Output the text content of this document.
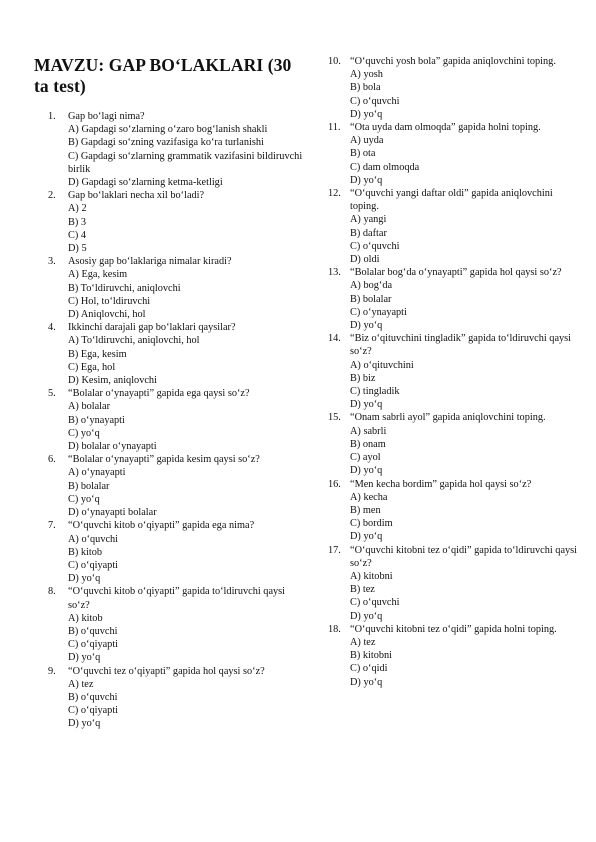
MAVZU: GAP BO‘LAKLARI (30 ta test)
1. Gap bo‘lagi nima?
A) Gapdagi so‘zlarning o‘zaro bog‘lanish shakli
B) Gapdagi so‘zning vazifasiga ko‘ra turlanishi
C) Gapdagi so‘zlarning grammatik vazifasini bildiruvchi birlik
D) Gapdagi so‘zlarning ketma-ketligi
2. Gap bo‘laklari necha xil bo‘ladi?
A) 2
B) 3
C) 4
D) 5
3. Asosiy gap bo‘laklariga nimalar kiradi?
A) Ega, kesim
B) To‘ldiruvchi, aniqlovchi
C) Hol, to‘ldiruvchi
D) Aniqlovchi, hol
4. Ikkinchi darajali gap bo‘laklari qaysilar?
A) To‘ldiruvchi, aniqlovchi, hol
B) Ega, kesim
C) Ega, hol
D) Kesim, aniqlovchi
5. “Bolalar o‘ynayapti” gapida ega qaysi so‘z?
A) bolalar
B) o‘ynayapti
C) yo‘q
D) bolalar o‘ynayapti
6. “Bolalar o‘ynayapti” gapida kesim qaysi so‘z?
A) o‘ynayapti
B) bolalar
C) yo‘q
D) o‘ynayapti bolalar
7. “O‘quvchi kitob o‘qiyapti” gapida ega nima?
A) o‘quvchi
B) kitob
C) o‘qiyapti
D) yo‘q
8. “O‘quvchi kitob o‘qiyapti” gapida to‘ldiruvchi qaysi so‘z?
A) kitob
B) o‘quvchi
C) o‘qiyapti
D) yo‘q
9. “O‘quvchi tez o‘qiyapti” gapida hol qaysi so‘z?
A) tez
B) o‘quvchi
C) o‘qiyapti
D) yo‘q
10. “O‘quvchi yosh bola” gapida aniqlovchini toping.
A) yosh
B) bola
C) o‘quvchi
D) yo‘q
11. “Ota uyda dam olmoqda” gapida holni toping.
A) uyda
B) ota
C) dam olmoqda
D) yo‘q
12. “O‘quvchi yangi daftar oldi” gapida aniqlovchini toping.
A) yangi
B) daftar
C) o‘quvchi
D) oldi
13. “Bolalar bog‘da o‘ynayapti” gapida hol qaysi so‘z?
A) bog‘da
B) bolalar
C) o‘ynayapti
D) yo‘q
14. “Biz o‘qituvchini tingladik” gapida to‘ldiruvchi qaysi so‘z?
A) o‘qituvchini
B) biz
C) tingladik
D) yo‘q
15. “Onam sabrli ayol” gapida aniqlovchini toping.
A) sabrli
B) onam
C) ayol
D) yo‘q
16. “Men kecha bordim” gapida hol qaysi so‘z?
A) kecha
B) men
C) bordim
D) yo‘q
17. “O‘quvchi kitobni tez o‘qidi” gapida to‘ldiruvchi qaysi so‘z?
A) kitobni
B) tez
C) o‘quvchi
D) yo‘q
18. “O‘quvchi kitobni tez o‘qidi” gapida holni toping.
A) tez
B) kitobni
C) o‘qidi
D) yo‘q
